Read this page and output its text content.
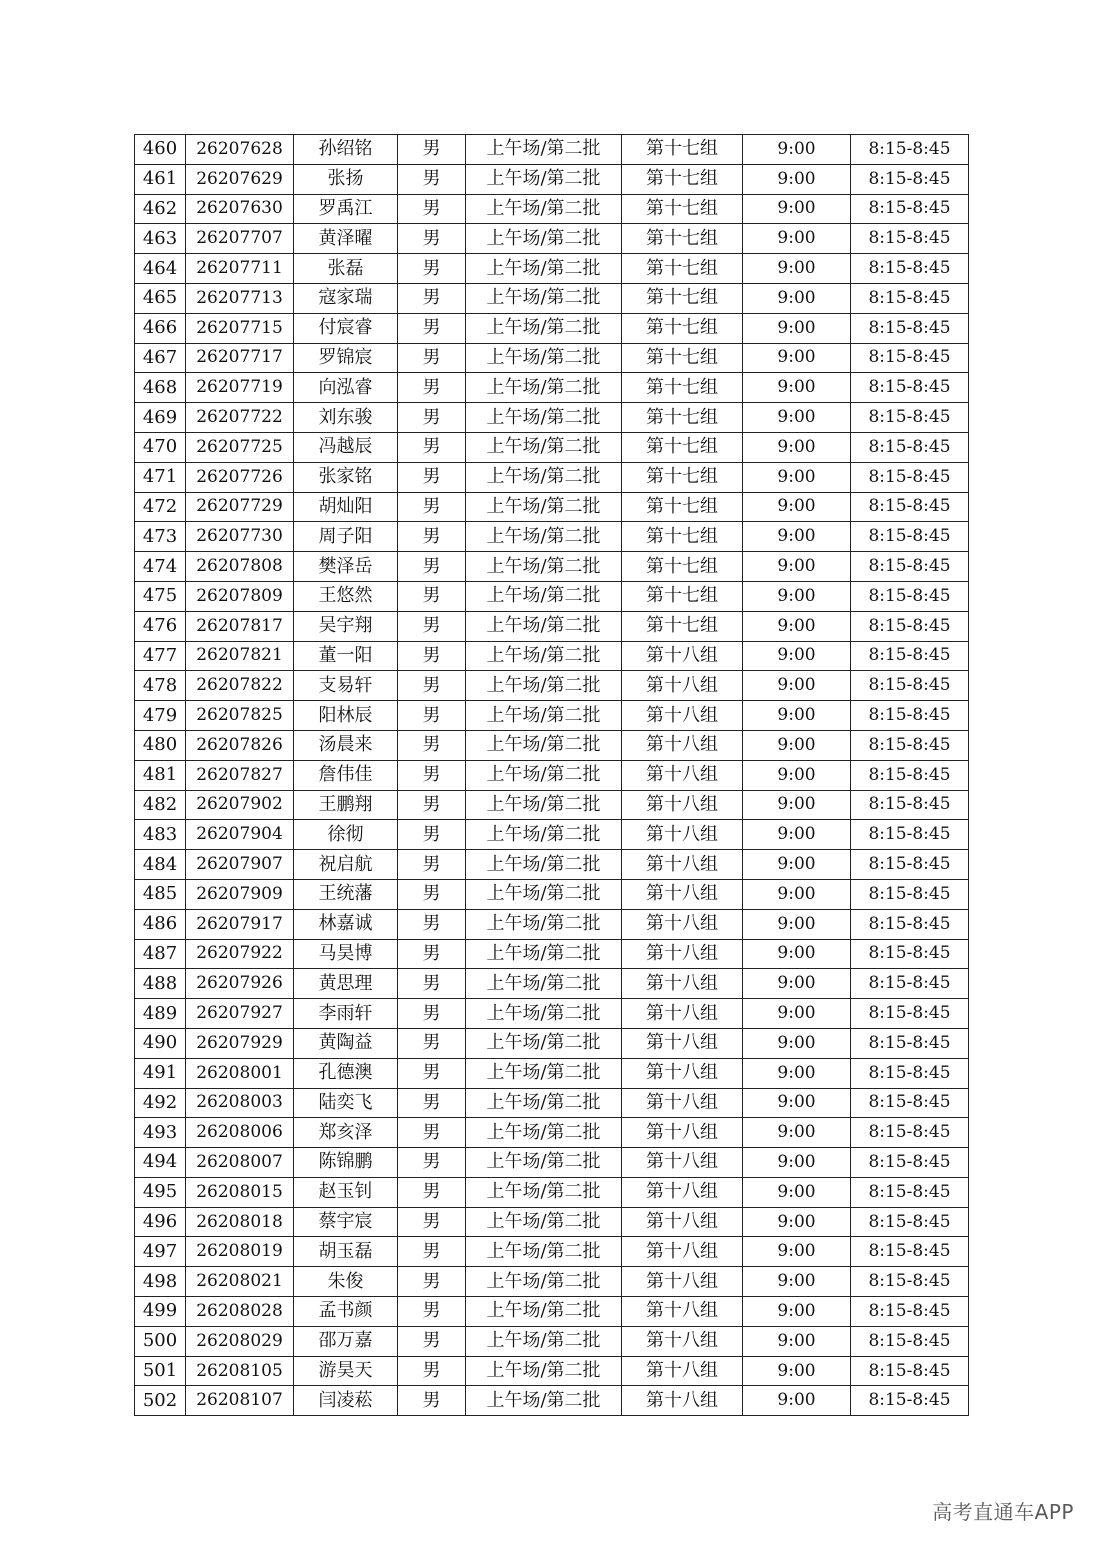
460	26207628	孙绍铭	男	上午场/第二批	第十七组	9:00	8:15-8:45
461	26207629	张扬	男	上午场/第二批	第十七组	9:00	8:15-8:45
462	26207630	罗禹江	男	上午场/第二批	第十七组	9:00	8:15-8:45
463	26207707	黄泽曜	男	上午场/第二批	第十七组	9:00	8:15-8:45
464	26207711	张磊	男	上午场/第二批	第十七组	9:00	8:15-8:45
465	26207713	寇家瑞	男	上午场/第二批	第十七组	9:00	8:15-8:45
466	26207715	付宸睿	男	上午场/第二批	第十七组	9:00	8:15-8:45
467	26207717	罗锦宸	男	上午场/第二批	第十七组	9:00	8:15-8:45
468	26207719	向泓睿	男	上午场/第二批	第十七组	9:00	8:15-8:45
469	26207722	刘东骏	男	上午场/第二批	第十七组	9:00	8:15-8:45
470	26207725	冯越辰	男	上午场/第二批	第十七组	9:00	8:15-8:45
471	26207726	张家铭	男	上午场/第二批	第十七组	9:00	8:15-8:45
472	26207729	胡灿阳	男	上午场/第二批	第十七组	9:00	8:15-8:45
473	26207730	周子阳	男	上午场/第二批	第十七组	9:00	8:15-8:45
474	26207808	樊泽岳	男	上午场/第二批	第十七组	9:00	8:15-8:45
475	26207809	王悠然	男	上午场/第二批	第十七组	9:00	8:15-8:45
476	26207817	吴宇翔	男	上午场/第二批	第十七组	9:00	8:15-8:45
477	26207821	董一阳	男	上午场/第二批	第十八组	9:00	8:15-8:45
478	26207822	支易轩	男	上午场/第二批	第十八组	9:00	8:15-8:45
479	26207825	阳林辰	男	上午场/第二批	第十八组	9:00	8:15-8:45
480	26207826	汤晨来	男	上午场/第二批	第十八组	9:00	8:15-8:45
481	26207827	詹伟佳	男	上午场/第二批	第十八组	9:00	8:15-8:45
482	26207902	王鹏翔	男	上午场/第二批	第十八组	9:00	8:15-8:45
483	26207904	徐彻	男	上午场/第二批	第十八组	9:00	8:15-8:45
484	26207907	祝启航	男	上午场/第二批	第十八组	9:00	8:15-8:45
485	26207909	王统藩	男	上午场/第二批	第十八组	9:00	8:15-8:45
486	26207917	林嘉诚	男	上午场/第二批	第十八组	9:00	8:15-8:45
487	26207922	马昊博	男	上午场/第二批	第十八组	9:00	8:15-8:45
488	26207926	黄思理	男	上午场/第二批	第十八组	9:00	8:15-8:45
489	26207927	李雨轩	男	上午场/第二批	第十八组	9:00	8:15-8:45
490	26207929	黄陶益	男	上午场/第二批	第十八组	9:00	8:15-8:45
491	26208001	孔德澳	男	上午场/第二批	第十八组	9:00	8:15-8:45
492	26208003	陆奕飞	男	上午场/第二批	第十八组	9:00	8:15-8:45
493	26208006	郑亥泽	男	上午场/第二批	第十八组	9:00	8:15-8:45
494	26208007	陈锦鹏	男	上午场/第二批	第十八组	9:00	8:15-8:45
495	26208015	赵玉钊	男	上午场/第二批	第十八组	9:00	8:15-8:45
496	26208018	蔡宇宸	男	上午场/第二批	第十八组	9:00	8:15-8:45
497	26208019	胡玉磊	男	上午场/第二批	第十八组	9:00	8:15-8:45
498	26208021	朱俊	男	上午场/第二批	第十八组	9:00	8:15-8:45
499	26208028	孟书颜	男	上午场/第二批	第十八组	9:00	8:15-8:45
500	26208029	邵万嘉	男	上午场/第二批	第十八组	9:00	8:15-8:45
501	26208105	游昊天	男	上午场/第二批	第十八组	9:00	8:15-8:45
502	26208107	闫凌菘	男	上午场/第二批	第十八组	9:00	8:15-8:45
高考直通车APP
